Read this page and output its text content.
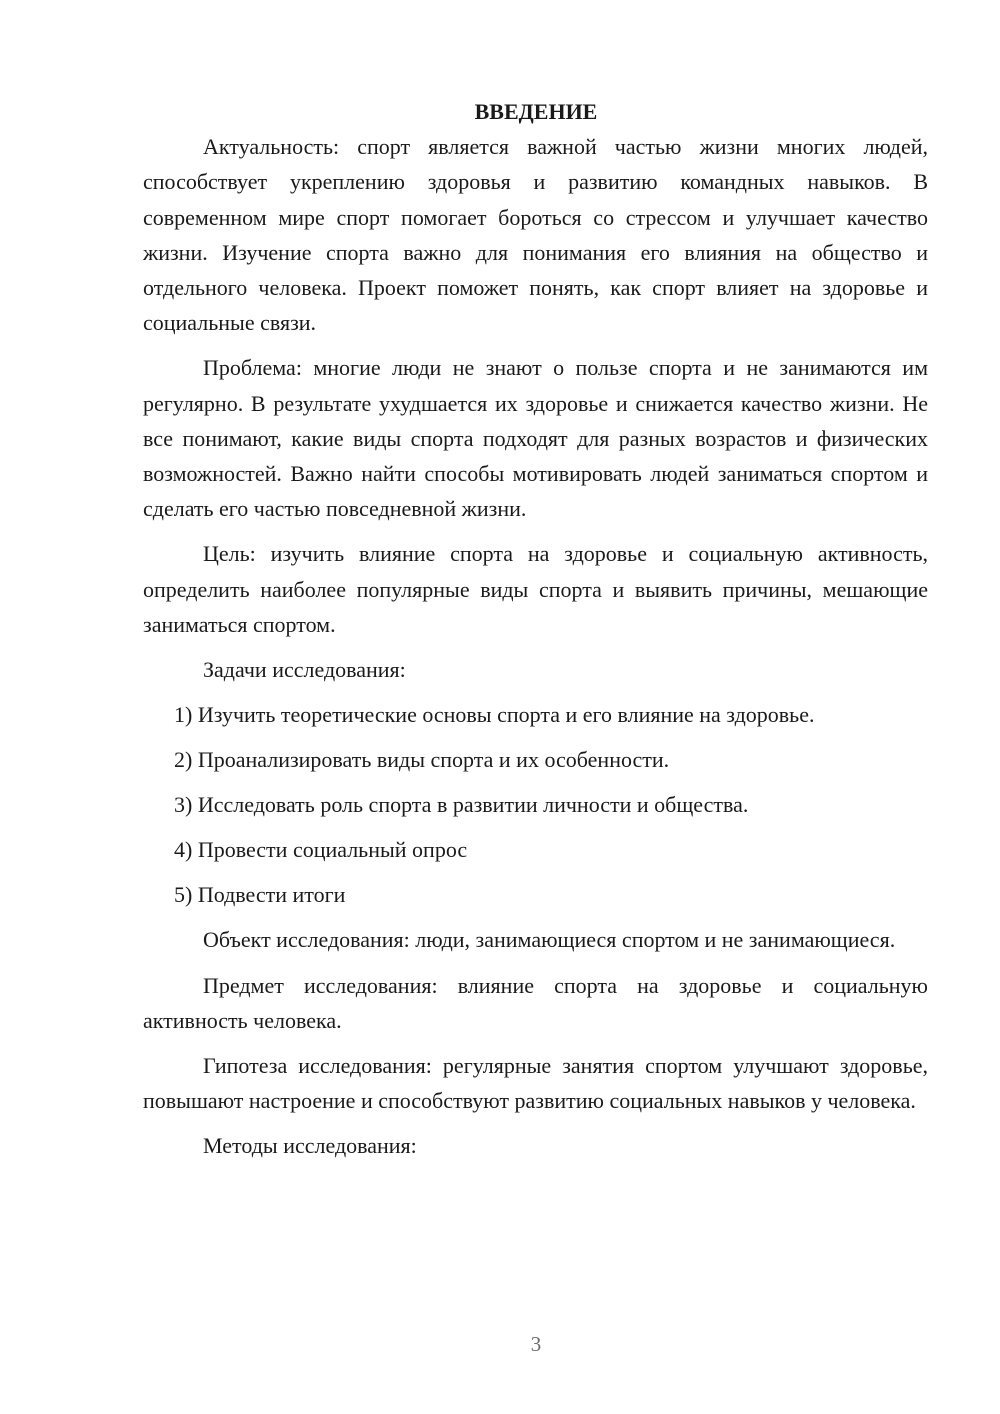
ВВЕДЕНИЕ

Актуальность: спорт является важной частью жизни многих людей, способствует укреплению здоровья и развитию командных навыков. В современном мире спорт помогает бороться со стрессом и улучшает качество жизни. Изучение спорта важно для понимания его влияния на общество и отдельного человека. Проект поможет понять, как спорт влияет на здоровье и социальные связи.

Проблема: многие люди не знают о пользе спорта и не занимаются им регулярно. В результате ухудшается их здоровье и снижается качество жизни. Не все понимают, какие виды спорта подходят для разных возрастов и физических возможностей. Важно найти способы мотивировать людей заниматься спортом и сделать его частью повседневной жизни.

Цель: изучить влияние спорта на здоровье и социальную активность, определить наиболее популярные виды спорта и выявить причины, мешающие заниматься спортом.

Задачи исследования:

1) Изучить теоретические основы спорта и его влияние на здоровье.
2) Проанализировать виды спорта и их особенности.
3) Исследовать роль спорта в развитии личности и общества.
4) Провести социальный опрос
5) Подвести итоги

Объект исследования: люди, занимающиеся спортом и не занимающиеся.

Предмет исследования: влияние спорта на здоровье и социальную активность человека.

Гипотеза исследования: регулярные занятия спортом улучшают здоровье, повышают настроение и способствуют развитию социальных навыков у человека.

Методы исследования:

3
